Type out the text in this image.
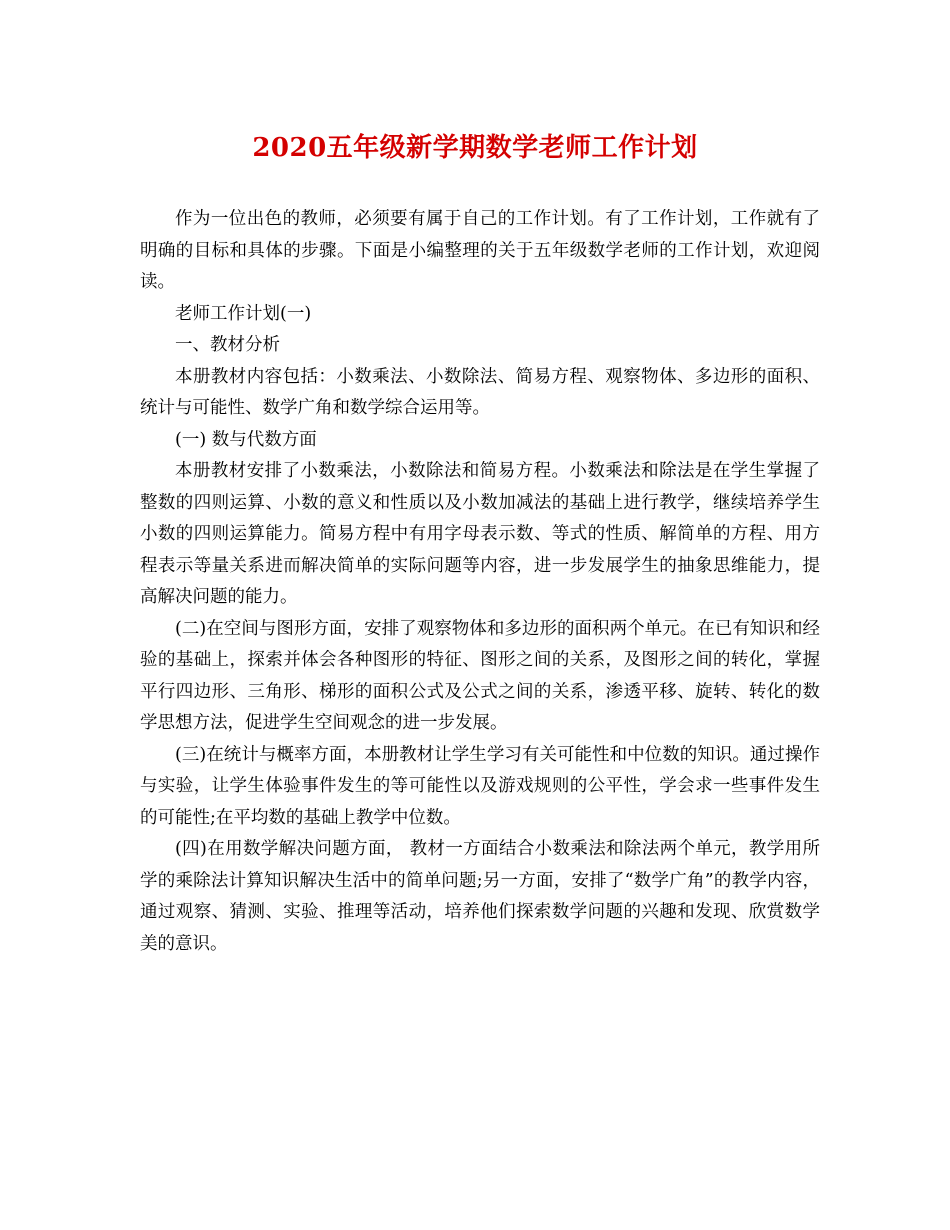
2020五年级新学期数学老师工作计划

作为一位出色的教师，必须要有属于自己的工作计划。有了工作计划，工作就有了明确的目标和具体的步骤。下面是小编整理的关于五年级数学老师的工作计划，欢迎阅读。

老师工作计划(一)

一、教材分析

本册教材内容包括：小数乘法、小数除法、简易方程、观察物体、多边形的面积、统计与可能性、数学广角和数学综合运用等。

(一) 数与代数方面

本册教材安排了小数乘法，小数除法和简易方程。小数乘法和除法是在学生掌握了整数的四则运算、小数的意义和性质以及小数加减法的基础上进行教学，继续培养学生小数的四则运算能力。简易方程中有用字母表示数、等式的性质、解简单的方程、用方程表示等量关系进而解决简单的实际问题等内容，进一步发展学生的抽象思维能力，提高解决问题的能力。

(二)在空间与图形方面，安排了观察物体和多边形的面积两个单元。在已有知识和经验的基础上，探索并体会各种图形的特征、图形之间的关系，及图形之间的转化，掌握平行四边形、三角形、梯形的面积公式及公式之间的关系，渗透平移、旋转、转化的数学思想方法，促进学生空间观念的进一步发展。

(三)在统计与概率方面，本册教材让学生学习有关可能性和中位数的知识。通过操作与实验，让学生体验事件发生的等可能性以及游戏规则的公平性，学会求一些事件发生的可能性;在平均数的基础上教学中位数。

(四)在用数学解决问题方面， 教材一方面结合小数乘法和除法两个单元，教学用所学的乘除法计算知识解决生活中的简单问题;另一方面，安排了“数学广角”的教学内容，通过观察、猜测、实验、推理等活动，培养他们探索数学问题的兴趣和发现、欣赏数学美的意识。
